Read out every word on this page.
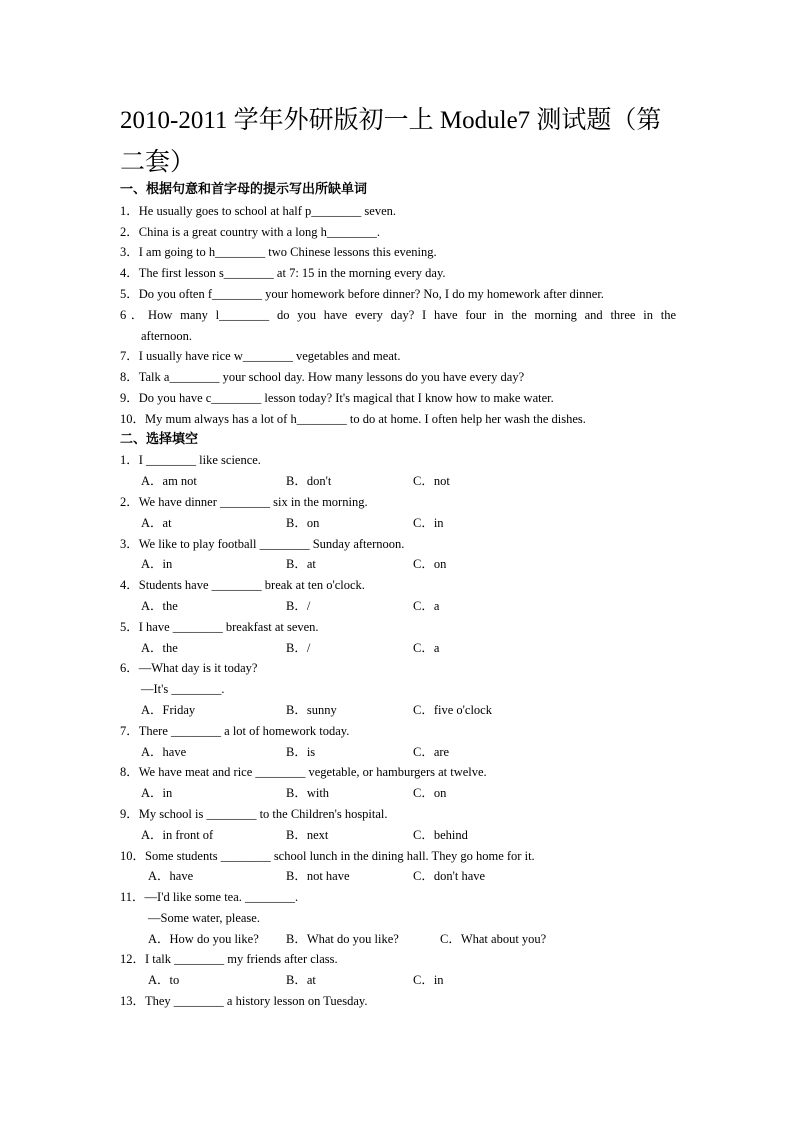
2010-2011 学年外研版初一上 Module7 测试题（第二套）
一、根据句意和首字母的提示写出所缺单词
1．He usually goes to school at half p________ seven.
2．China is a great country with a long h________.
3．I am going to h________ two Chinese lessons this evening.
4．The first lesson s________ at 7: 15 in the morning every day.
5．Do you often f________ your homework before dinner? No, I do my homework after dinner.
6．How many l________ do you have every day? I have four in the morning and three in the
afternoon.
7．I usually have rice w________ vegetables and meat.
8．Talk a________ your school day. How many lessons do you have every day?
9．Do you have c________ lesson today? It's magical that I know how to make water.
10．My mum always has a lot of h________ to do at home. I often help her wash the dishes.
二、选择填空
1．I ________ like science.
A．am not	B．don't	C．not
2．We have dinner ________ six in the morning.
A．at	B．on	C．in
3．We like to play football ________ Sunday afternoon.
A．in	B．at	C．on
4．Students have ________ break at ten o'clock.
A．the	B．/	C．a
5．I have ________ breakfast at seven.
A．the	B．/	C．a
6．—What day is it today?
—It's ________.
A．Friday	B．sunny	C．five o'clock
7．There ________ a lot of homework today.
A．have	B．is	C．are
8．We have meat and rice ________ vegetable, or hamburgers at twelve.
A．in	B．with	C．on
9．My school is ________ to the Children's hospital.
A．in front of	B．next	C．behind
10．Some students ________ school lunch in the dining hall. They go home for it.
A．have	B．not have	C．don't have
11．—I'd like some tea. ________.
—Some water, please.
A．How do you like? B．What do you like?	C．What about you?
12．I talk ________ my friends after class.
A．to	B．at	C．in
13．They ________ a history lesson on Tuesday.
